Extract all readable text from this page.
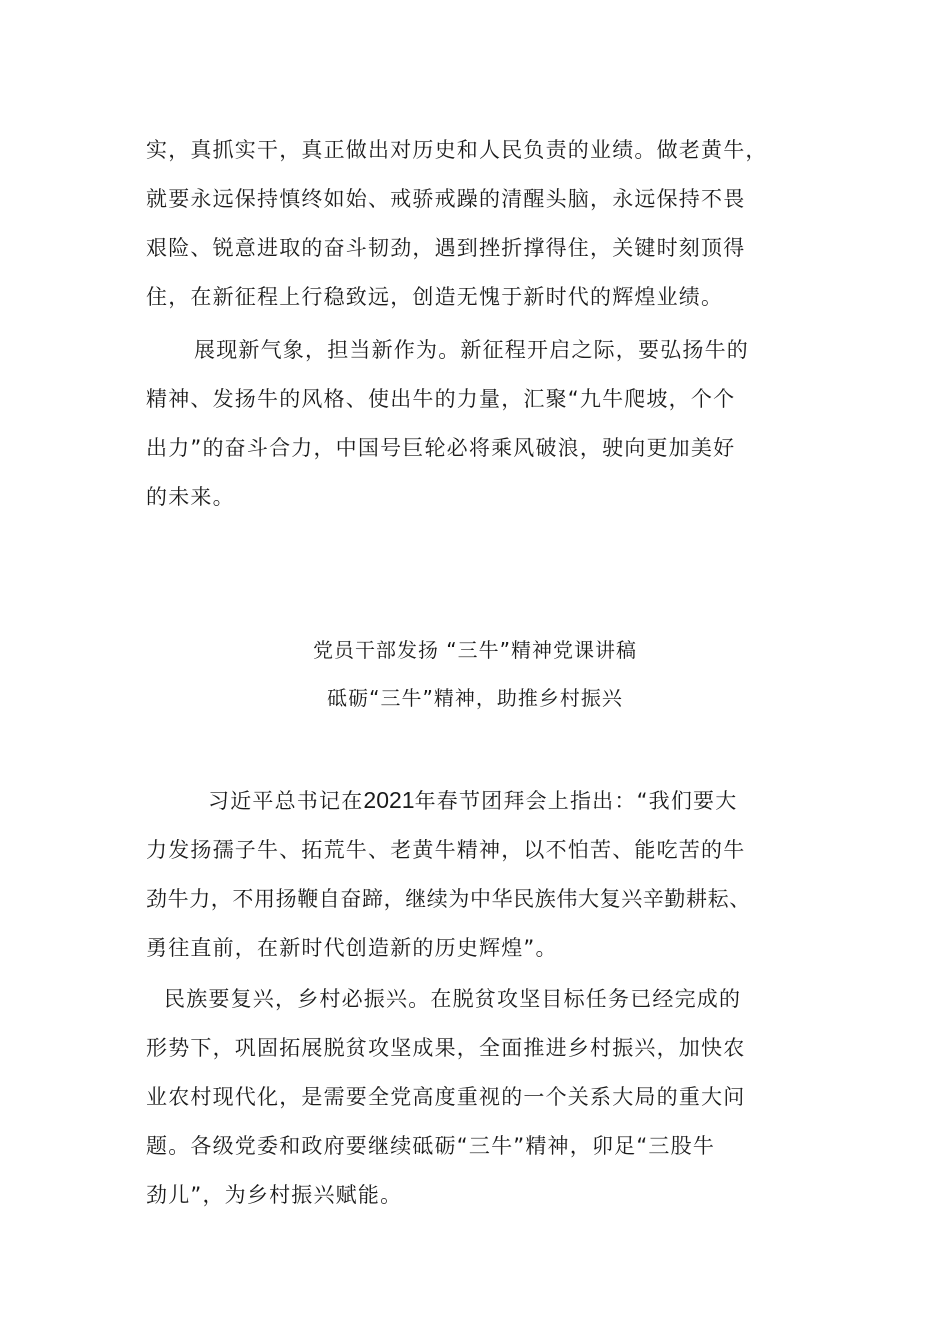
实，真抓实干，真正做出对历史和人民负责的业绩。做老黄牛，
就要永远保持慎终如始、戒骄戒躁的清醒头脑，永远保持不畏
艰险、锐意进取的奋斗韧劲，遇到挫折撑得住，关键时刻顶得
住，在新征程上行稳致远，创造无愧于新时代的辉煌业绩。
展现新气象，担当新作为。新征程开启之际，要弘扬牛的
精神、发扬牛的风格、使出牛的力量，汇聚“九牛爬坡，个个
出力”的奋斗合力，中国号巨轮必将乘风破浪，驶向更加美好
的未来。
党员干部发扬 “三牛”精神党课讲稿
砥砺“三牛”精神，助推乡村振兴
习近平总书记在2021年春节团拜会上指出：“我们要大
力发扬孺子牛、拓荒牛、老黄牛精神，以不怕苦、能吃苦的牛
劲牛力，不用扬鞭自奋蹄，继续为中华民族伟大复兴辛勤耕耘、
勇往直前，在新时代创造新的历史辉煌”。
民族要复兴，乡村必振兴。在脱贫攻坚目标任务已经完成的
形势下，巩固拓展脱贫攻坚成果，全面推进乡村振兴，加快农
业农村现代化，是需要全党高度重视的一个关系大局的重大问
题。各级党委和政府要继续砥砺“三牛”精神，卯足“三股牛
劲儿”，为乡村振兴赋能。
